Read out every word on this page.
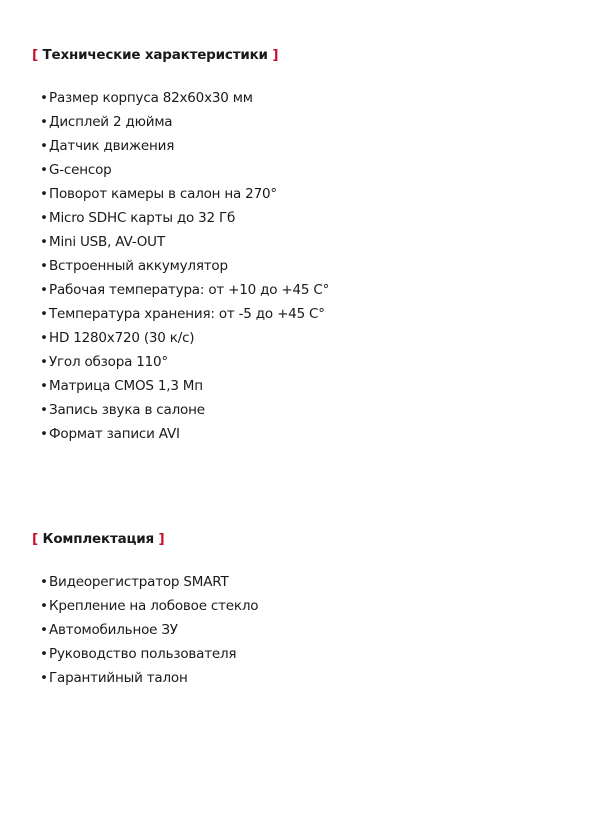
[ Технические характеристики ]
•Размер корпуса 82x60x30 мм
•Дисплей 2 дюйма
•Датчик движения
•G-сенсор
•Поворот камеры в салон на 270°
•Micro SDHC карты до 32 Гб
•Mini USB, AV-OUT
•Встроенный аккумулятор
•Рабочая температура: от +10 до +45 С°
•Температура хранения: от -5 до +45 С°
•HD 1280x720 (30 к/с)
•Угол обзора 110°
•Матрица CMOS 1,3 Мп
•Запись звука в салоне
•Формат записи AVI
[ Комплектация ]
•Видеорегистратор SMART
•Крепление на лобовое стекло
•Автомобильное ЗУ
•Руководство пользователя
•Гарантийный талон
